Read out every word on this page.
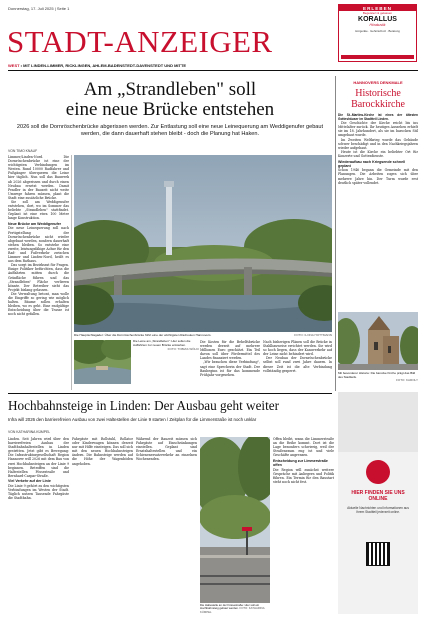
Donnerstag, 17. Juli 2025 | Seite 1
STADT-ANZEIGER
WEST • MIT LINDEN-LIMMER, RICKLINGEN, AHLEM-BADENSTEDT-DAVENSTEDT UND MITTE
ERLEBEN
Begeistert & gelassen
KORALLUS
Hörakustik
Hörgeräte · Gehörschutz · Beratung
Am „Strandleben" soll
eine neue Brücke entstehen
2026 soll die Dornröschenbrücke abgerissen werden. Zur Entlastung soll eine neue Leinequerung am Weddigenufer gebaut werden, die dann dauerhaft stehen bleibt - doch die Planung hat Haken.
VON TIMO KNAUF

Limmer/Linden-Nord. Die Dornröschenbrücke ist eine der wichtigsten Verbindungen im Westen. Rund 10000 Radfahrer und Fußgänger überqueren die Leine hier täglich. Nun soll das Bauwerk ab 2026 abgerissen und durch einen Neubau ersetzt werden. Damit Pendler in der Bauzeit nicht weite Umwege fahren müssen, plant die Stadt eine zusätzliche Brücke.

Sie soll am Weddigenufer entstehen, dort, wo im Sommer das beliebte „Strandleben" stattfindet. Geplant ist eine etwa 100 Meter lange Konstruktion.

Neue Brücke am Weddigenufer

Die neue Leinequerung soll nach Fertigstellung der Dornröschenbrücke nicht wieder abgebaut werden, sondern dauerhaft stehen bleiben. So entstehe eine zweite, leistungsfähige Achse für den Rad- und Fußverkehr zwischen Limmer und Linden-Nord, heißt es aus dem Rathaus.

Das sorgt im Bezirksrat für Fragen. Einige Politiker befürchten, dass die Auffahrten mitten durch die Grünfläche führen und das „Strandleben" Fläche verlieren könnte. Der Betreiber sieht das Projekt bislang gelassen.

Die Verwaltung betont, man wolle die Eingriffe so gering wie möglich halten. Bäume sollen erhalten bleiben, wo es geht. Eine endgültige Entscheidung über die Trasse ist noch nicht gefallen.

Die Hauptschlagader: Über die Dornröschenbrücke führt eine der wichtigsten Radrouten Hannovers.	FOTO: ILONA HOTTMANN
Die Leine am „Strandleben": Hier sollen die Auffahrten zur neuen Brücke entstehen.
FOTO: TOBIAS WÖLKI

Die Kosten für die Behelfsbrücke werden derzeit auf mehrere Millionen Euro geschätzt. Ein Teil davon soll über Fördermittel des Landes finanziert werden.

„Wir brauchen diese Verbindung", sagt eine Sprecherin der Stadt. Der Baubeginn ist für das kommende Frühjahr vorgesehen.

Nach bisherigen Plänen soll die Brücke in Stahlbauweise errichtet werden. Sie wird so hoch liegen, dass der Kanuverkehr auf der Leine nicht behindert wird.

Der Neubau der Dornröschenbrücke selbst soll rund zwei Jahre dauern. In dieser Zeit ist die alte Verbindung vollständig gesperrt.

HANNOVERS DENKMALE
Historische
Barockkirche

Die St.-Martins-Kirche ist eines der ältesten Gotteshäuser im Stadtteil Linden.

Die Geschichte der Kirche reicht bis ins Mittelalter zurück. Ihr heutiges Aussehen erhielt sie im 18. Jahrhundert, als sie im barocken Stil umgebaut wurde.

Im Zweiten Weltkrieg wurde das Gebäude schwer beschädigt und in den Nachkriegsjahren wieder aufgebaut.

Heute ist die Kirche ein beliebter Ort für Konzerte und Gottesdienste.

Wiederaufbau nach Kriegsende schnell geplant

Schon 1946 begann die Gemeinde mit den Planungen. Die Arbeiten zogen sich über mehrere Jahre hin. Der Turm wurde erst deutlich später vollendet.

Mit besonderer Historie: Die barocke Kirche prägt das Bild des Stadtteils.
FOTO: KAROLY
Hochbahnsteige in Linden: Der Ausbau geht weiter
Infra will 2026 den barrierefreien Ausbau von zwei Haltestellen der Linie 9 starten / Zeitplan für die Limmerstraße ist noch unklar
VON KATHARINA KÜMPEL

Linden. Seit Jahren wird über den barrierefreien Ausbau der Stadtbahnhaltestellen in Linden gestritten. Jetzt gibt es Bewegung: Die Infrastrukturgesellschaft Region Hannover will 2026 mit dem Bau von zwei Hochbahnsteigen an der Linie 9 beginnen. Betroffen sind die Haltestellen Fössestraße und Bernhard-Caspar-Straße.

Viel Verkehr auf der Linie

Die Linie 9 gehört zu den wichtigsten Verbindungen im Westen der Stadt. Täglich nutzen Tausende Fahrgäste die Stadtbahn.

Fahrgäste mit Rollstuhl, Rollator oder Kinderwagen können derzeit nur mit Hilfe einsteigen. Das soll sich mit den neuen Hochbahnsteigen ändern. Die Bahnsteige werden auf die Höhe der Wagenböden angehoben.

Während der Bauzeit müssen sich Fahrgäste auf Einschränkungen einstellen. Geplant sind Ersatzhaltestellen und ein Schienenersatzverkehr an einzelnen Wochenenden.

Die Haltestelle an der Fössestraße: Hier soll ein Hochbahnsteig gebaut werden. FOTO: KATHARINA KÜMPEL

Offen bleibt, wann die Limmerstraße an die Reihe kommt. Dort ist die Lage besonders schwierig, weil der Straßenraum eng ist und viele Geschäfte angrenzen.

Entscheidung zur Limmerstraße offen

Die Region will zunächst weitere Gespräche mit Anliegern und Politik führen. Ein Termin für den Baustart steht noch nicht fest.

HIER FINDEN SIE UNS ONLINE
Aktuelle Nachrichten und Informationen aus Ihrem Stadtteil jederzeit online.
